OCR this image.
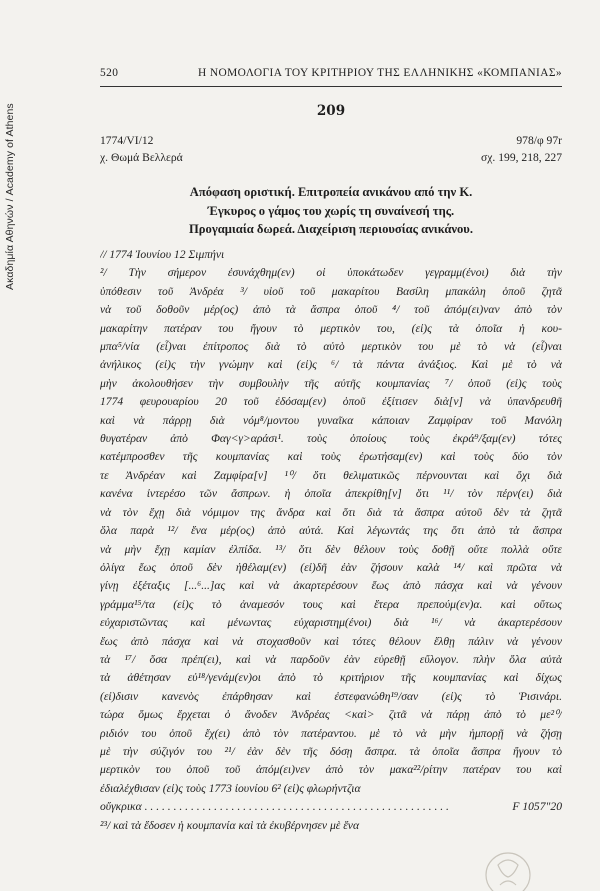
Ακαδημία Αθηνών / Academy of Athens
520	Η ΝΟΜΟΛΟΓΙΑ ΤΟΥ ΚΡΙΤΗΡΙΟΥ ΤΗΣ ΕΛΛΗΝΙΚΗΣ «ΚΟΜΠΑΝΙΑΣ»
209
1774/VI/12	978/φ 97r
χ. Θωμά Βελλερά	σχ. 199, 218, 227
Απόφαση οριστική. Επιτροπεία ανικάνου από την Κ.
Έγκυρος ο γάμος του χωρίς τη συναίνεσή της.
Προγαμιαία δωρεά. Διαχείριση περιουσίας ανικάνου.
// 1774 Ἰουνίου 12 Σιμπήνι
²/ Τὴν σήμερον ἐσυνάχθημ(εν) οἱ ὑποκάτωδεν γεγραμμ(ένοι) διὰ τὴν
ὑπόθεσιν τοῦ Ἀνδρέα ³/ υἱοῦ τοῦ μακαρίτου Βασίλη μπακάλη ὁποῦ ζητᾶ
νὰ τοῦ δοθοῦν μέρ(ος) ἀπὸ τὰ ἄσπρα ὁποῦ ⁴/ τοῦ ἀπόμ(ει)ναν ἀπὸ τὸν
μακαρίτην πατέραν του ἤγουν τὸ μερτικὸν του, (εἰ)ς τὰ ὁποῖα ἡ κου-
μπα⁵/νία (εἶ)ναι ἐπίτροπος διὰ τὸ αὐτὸ μερτικὸν του μὲ τὸ νὰ (εἶ)ναι
ἀνήλικος (εἰ)ς τὴν γνώμην καὶ (εἰ)ς ⁶/ τὰ πάντα ἀνάξιος. Καὶ μὲ τὸ νὰ
μὴν ἀκολουθήσεν τὴν συμβουλὴν τῆς αὐτῆς κουμπανίας ⁷/ ὁποῦ (εἰ)ς τοὺς
1774 φευρουαρίου 20 τοῦ ἐδόσαμ(εν) ὁποῦ ἐξίτισεν διὰ[ν] νὰ ὑπανδρευθῆ
καὶ νὰ πάρρῃ διὰ νόμ⁸/μοντου γυναῖκα κάποιαν Ζαμφίραν τοῦ Μανόλη
θυγατέραν ἀπὸ Φαγ<γ>αράσι¹. τοὺς ὁποίους τοὺς ἐκρά⁹/ξαμ(εν) τότες
κατέμπροσθεν τῆς κουμπανίας καὶ τοὺς ἐρωτήσαμ(εν) καὶ τοὺς δύο τὸν
τε Ἀνδρέαν καὶ Ζαμφίρα[ν] ¹⁰/ ὅτι θελιματικῶς πέρνουνται καὶ ὄχι διὰ
κανένα ἰντερέσο τῶν ἄσπρων. ἡ ὁποῖα ἀπεκρίθη[ν] ὅτι ¹¹/ τὸν πέρν(ει) διὰ
νὰ τὸν ἔχῃ διὰ νόμιμον της ἄνδρα καὶ ὅτι διὰ τὰ ἄσπρα αὐτοῦ δὲν τὰ ζητᾶ
ὅλα παρὰ ¹²/ ἕνα μέρ(ος) ἀπὸ αὐτά. Καὶ λέγωντάς της ὅτι ἀπὸ τὰ ἄσπρα
νὰ μὴν ἔχῃ καμίαν ἐλπίδα. ¹³/ ὅτι δὲν θέλουν τοὺς δοθῇ οὔτε πολλὰ οὔτε
ὀλίγα ἕως ὁποῦ δὲν ἠθέλαμ(εν) (εἰ)δῆ ἐὰν ζήσουν καλὰ ¹⁴/ καὶ πρῶτα νὰ
γίνῃ ἐξέταξις [...⁶...]ας καὶ νὰ ἀκαρτερέσουν ἕως ἀπὸ πάσχα καὶ νὰ γένουν
γράμμα¹⁵/τα (εἰ)ς τὸ ἀναμεσόν τους καὶ ἕτερα πρεπούμ(εν)α. καὶ οὕτως
εὐχαριστῶντας καὶ μένωντας εὐχαριστημ(ένοι) διὰ ¹⁶/ νὰ ἀκαρτερέσουν
ἕως ἀπὸ πάσχα καὶ νὰ στοχασθοῦν καὶ τότες θέλουν ἔλθῃ πάλιν νὰ γένουν
τὰ ¹⁷/ ὅσα πρέπ(ει), καὶ νὰ παρδοῦν ἐὰν εὑρεθῇ εὔλογον. πλὴν ὅλα αὐτὰ
τὰ ἀθέτησαν εὐ¹⁸/γενάμ(εν)οι ἀπὸ τὸ κριτήριον τῆς κουμπανίας καὶ δίχως
(εἰ)δισιν κανενὸς ἐπάρθησαν καὶ ἐστεφανώθη¹⁹/σαν (εἰ)ς τὸ Ῥισινάρι.
τώρα ὅμως ἔρχεται ὁ ἄνοδεν Ἀνδρέας <καὶ> ζιτᾶ νὰ πάρῃ ἀπὸ τὸ με²⁰/
ριδιόν του ὁποῦ ἔχ(ει) ἀπὸ τὸν πατέραντου. μὲ τὸ νὰ μὴν ἠμπορῇ νὰ ζήσῃ
μὲ τὴν σύζιγόν του ²¹/ ἐὰν δὲν τῆς δόσῃ ἄσπρα. τὰ ὁποῖα ἄσπρα ἤγουν τὸ
μερτικὸν του ὁποῦ τοῦ ἀπόμ(ει)νεν ἀπὸ τὸν μακα²²/ρίτην πατέραν του καὶ
ἐδιαλέχθισαν (εἰ)ς τοὺς 1773 ἰουνίου 6² (εἰ)ς φλωρήντζια
οὔγκρικα . . . . . . . . . . . . . . . . . . . . . . . . . . . . . . . . . . . . . . . . . . . . . . . . . . . . .	F 1057"20
²³/ καὶ τὰ ἔδοσεν ἡ κουμπανία καὶ τὰ ἐκυβέρνησεν μὲ ἕνα
